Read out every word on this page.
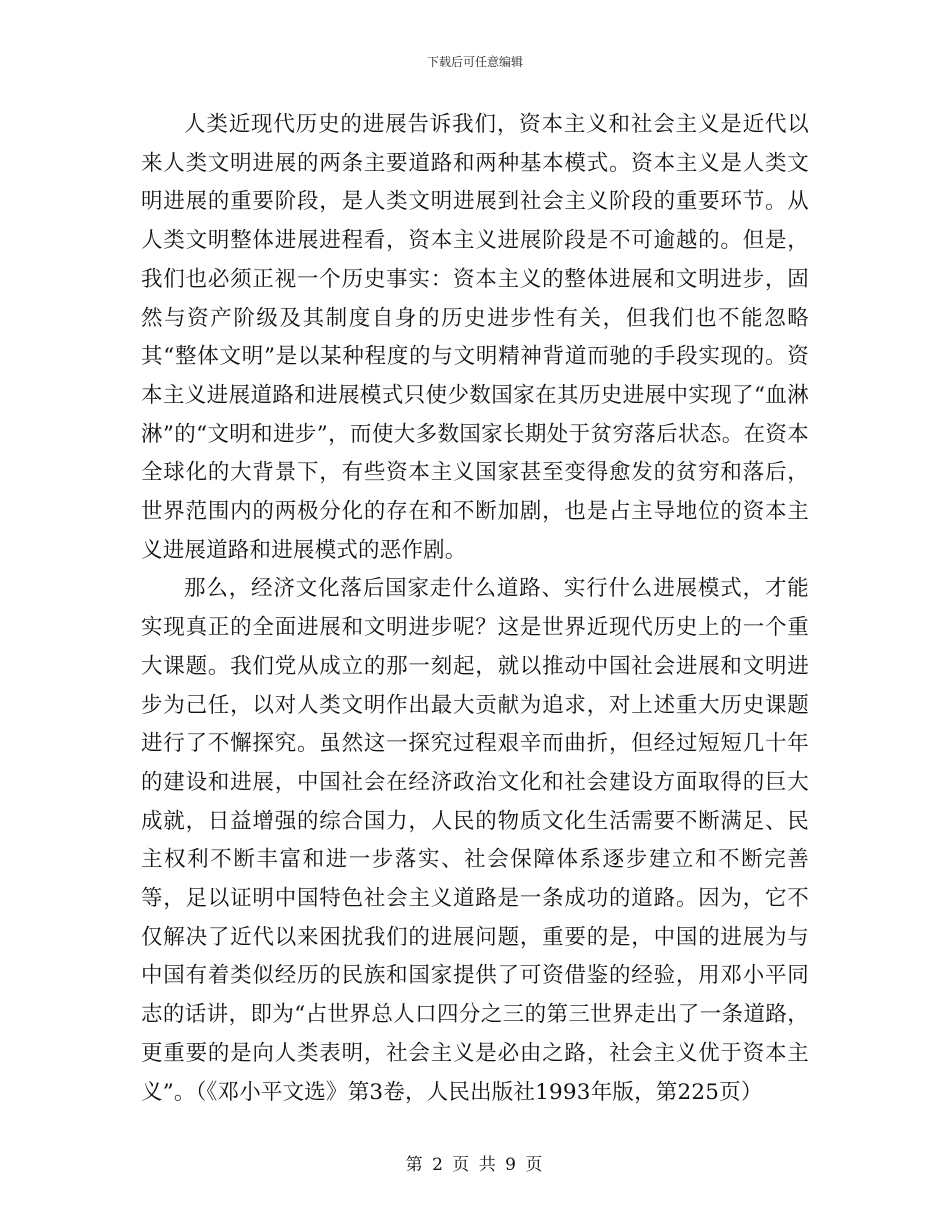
下载后可任意编辑

人类近现代历史的进展告诉我们，资本主义和社会主义是近代以来人类文明进展的两条主要道路和两种基本模式。资本主义是人类文明进展的重要阶段，是人类文明进展到社会主义阶段的重要环节。从人类文明整体进展进程看，资本主义进展阶段是不可逾越的。但是，我们也必须正视一个历史事实：资本主义的整体进展和文明进步，固然与资产阶级及其制度自身的历史进步性有关，但我们也不能忽略其“整体文明”是以某种程度的与文明精神背道而驰的手段实现的。资本主义进展道路和进展模式只使少数国家在其历史进展中实现了“血淋淋”的“文明和进步”，而使大多数国家长期处于贫穷落后状态。在资本全球化的大背景下，有些资本主义国家甚至变得愈发的贫穷和落后，世界范围内的两极分化的存在和不断加剧，也是占主导地位的资本主义进展道路和进展模式的恶作剧。

那么，经济文化落后国家走什么道路、实行什么进展模式，才能实现真正的全面进展和文明进步呢？这是世界近现代历史上的一个重大课题。我们党从成立的那一刻起，就以推动中国社会进展和文明进步为己任，以对人类文明作出最大贡献为追求，对上述重大历史课题进行了不懈探究。虽然这一探究过程艰辛而曲折，但经过短短几十年的建设和进展，中国社会在经济政治文化和社会建设方面取得的巨大成就，日益增强的综合国力，人民的物质文化生活需要不断满足、民主权利不断丰富和进一步落实、社会保障体系逐步建立和不断完善等，足以证明中国特色社会主义道路是一条成功的道路。因为，它不仅解决了近代以来困扰我们的进展问题，重要的是，中国的进展为与中国有着类似经历的民族和国家提供了可资借鉴的经验，用邓小平同志的话讲，即为“占世界总人口四分之三的第三世界走出了一条道路，更重要的是向人类表明，社会主义是必由之路，社会主义优于资本主义”。（《邓小平文选》第3卷，人民出版社1993年版，第225页）

第 2 页 共 9 页
